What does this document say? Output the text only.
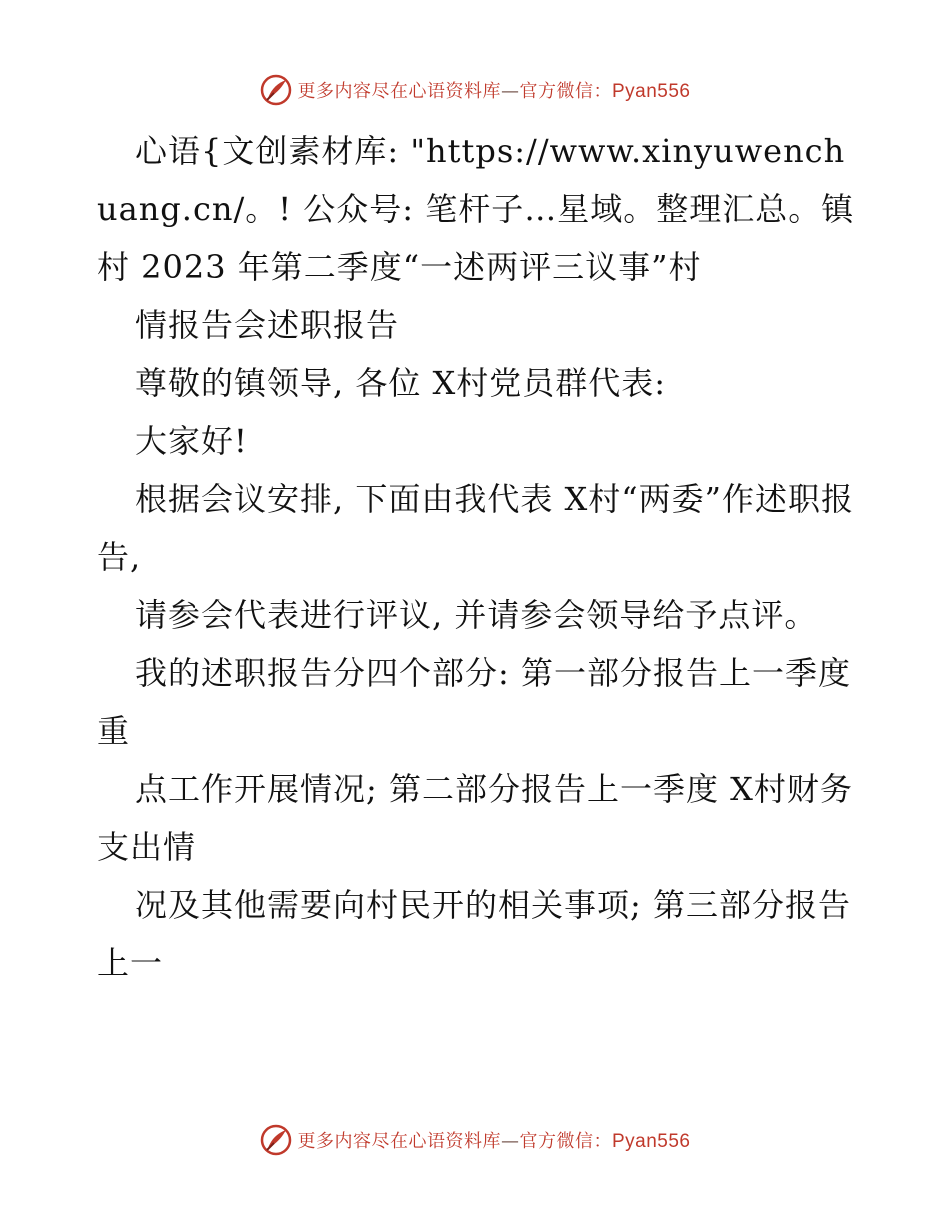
更多内容尽在心语资料库—官方微信：Pyan556

心语{文创素材库: "https://​www.xinyuwenchuang.cn/。! 公众号: 笔杆子…星域。整理汇总。镇村 2023 年第二季度“一述两评三议事”村

情报告会述职报告

尊敬的镇领导, 各位 X村党员群代表:

大家好!

根据会议安排, 下面由我代表 X村“两委”作述职报告,

请参会代表进行评议, 并请参会领导给予点评。

我的述职报告分四个部分: 第一部分报告上一季度重

点工作开展情况; 第二部分报告上一季度 X村财务支出情

况及其他需要向村民开的相关事项; 第三部分报告上一

更多内容尽在心语资料库—官方微信：Pyan556
